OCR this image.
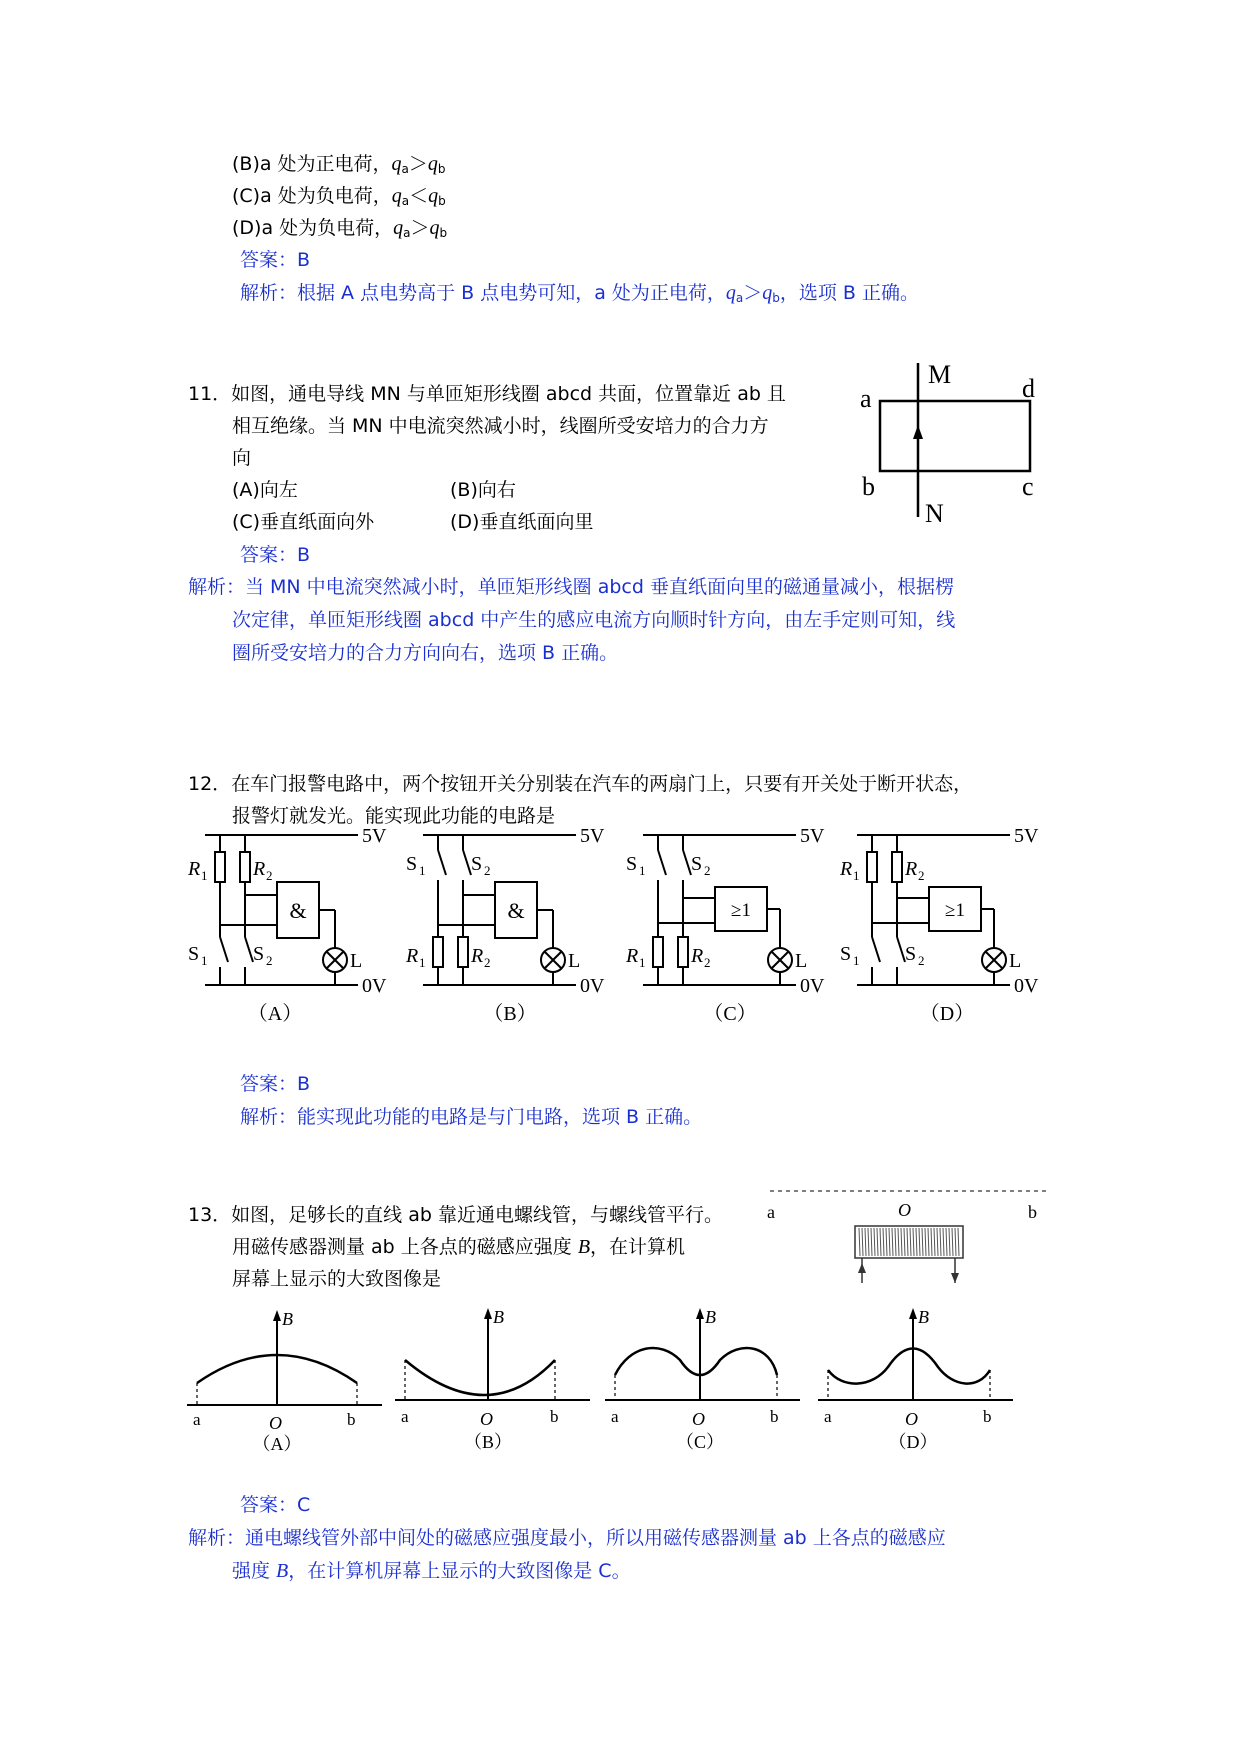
(B)a 处为正电荷，$q_a>q_b$
(C)a 处为负电荷，$q_a<q_b$
(D)a 处为负电荷，$q_a>q_b$
答案：B
解析：根据 A 点电势高于 B 点电势可知，a 处为正电荷，$q_a>q_b$，选项 B 正确。
11．如图，通电导线 MN 与单匝矩形线圈 abcd 共面，位置靠近 ab 且
相互绝缘。当 MN 中电流突然减小时，线圈所受安培力的合力方
向
(A)向左	(B)向右
(C)垂直纸面向外	(D)垂直纸面向里
答案：B
解析：当 MN 中电流突然减小时，单匝矩形线圈 abcd 垂直纸面向里的磁通量减小，根据楞
次定律，单匝矩形线圈 abcd 中产生的感应电流方向顺时针方向，由左手定则可知，线
圈所受安培力的合力方向向右，选项 B 正确。
M
N
a
b	c
d
12．在车门报警电路中，两个按钮开关分别装在汽车的两扇门上，只要有开关处于断开状态，
报警灯就发光。能实现此功能的电路是
5V
0V
R 1 R 2
S 1 S 2
&
L
（A）
5V
0V
S 1 S 2
R 1 R 2
&
L
（B）
5V
0V
S 1 S 2
R 1 R 2
≥1
L
（C）
5V
0V
R 1 R 2
S 1 S 2
≥1
L
（D）
答案：B
解析：能实现此功能的电路是与门电路，选项 B 正确。
13．如图，足够长的直线 ab 靠近通电螺线管，与螺线管平行。
用磁传感器测量 ab 上各点的磁感应强度 B，在计算机
屏幕上显示的大致图像是
a	O	b
B
a	O	b
（A）
B
a	O	b
（B）
B
a	O	b
（C）
B
a	O	b
（D）
答案：C
解析：通电螺线管外部中间处的磁感应强度最小，所以用磁传感器测量 ab 上各点的磁感应
强度 B，在计算机屏幕上显示的大致图像是 C。
